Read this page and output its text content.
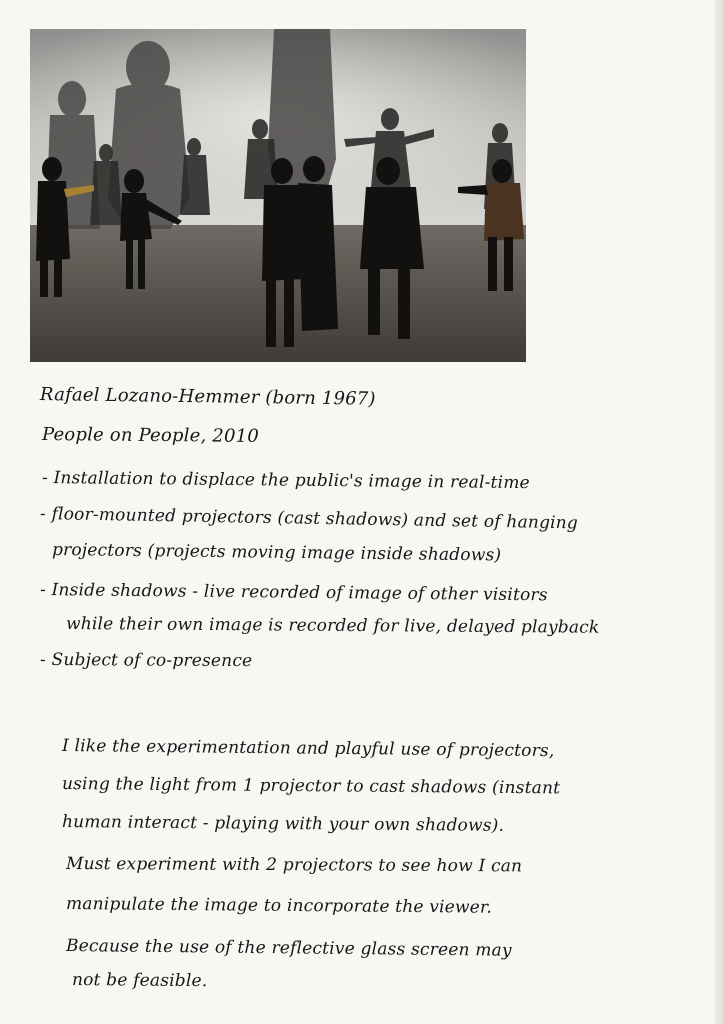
Rafael Lozano-Hemmer (born 1967)
People on People, 2010
- Installation to displace the public's image in real-time
- floor-mounted projectors (cast shadows) and set of hanging
projectors (projects moving image inside shadows)
- Inside shadows - live recorded of image of other visitors
while their own image is recorded for live, delayed playback
- Subject of co-presence
I like the experimentation and playful use of projectors,
using the light from 1 projector to cast shadows (instant
human interact - playing with your own shadows).
Must experiment with 2 projectors to see how I can
manipulate the image to incorporate the viewer.
Because the use of the reflective glass screen may
not be feasible.
